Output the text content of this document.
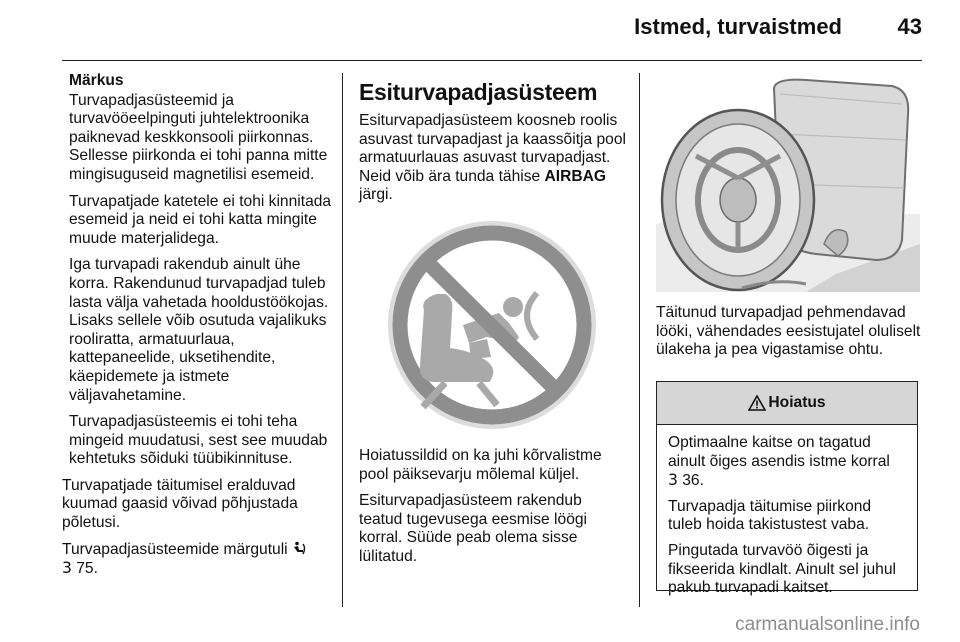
Istmed, turvaistmed	43

Märkus

Turvapadjasüsteemid ja turvavööeelpinguti juhtelektroonika paiknevad keskkonsooli piirkonnas. Sellesse piirkonda ei tohi panna mitte mingisuguseid magnetilisi esemeid.

Turvapatjade katetele ei tohi kinnitada esemeid ja neid ei tohi katta mingite muude materjalidega.

Iga turvapadi rakendub ainult ühe korra. Rakendunud turvapadjad tuleb lasta välja vahetada hooldustöökojas. Lisaks sellele võib osutuda vajalikuks rooliratta, armatuurlaua, kattepaneelide, uksetihendite, käepidemete ja istmete väljavahetamine.

Turvapadjasüsteemis ei tohi teha mingeid muudatusi, sest see muudab kehtetuks sõiduki tüübikinnituse.

Turvapatjade täitumisel eralduvad kuumad gaasid võivad põhjustada põletusi.

Turvapadjasüsteemide märgutuli
3 75.

Esiturvapadjasüsteem

Esiturvapadjasüsteem koosneb roolis asuvast turvapadjast ja kaassõitja pool armatuurlauas asuvast turvapadjast. Neid võib ära tunda tähise AIRBAG järgi.

Hoiatussildid on ka juhi kõrvalistme pool päiksevarju mõlemal küljel.

Esiturvapadjasüsteem rakendub teatud tugevusega eesmise löögi korral. Süüde peab olema sisse lülitatud.

Täitunud turvapadjad pehmendavad lööki, vähendades eesistujatel oluliselt ülakeha ja pea vigastamise ohtu.

Hoiatus

Optimaalne kaitse on tagatud ainult õiges asendis istme korral
3 36.

Turvapadja täitumise piirkond tuleb hoida takistustest vaba.

Pingutada turvavöö õigesti ja fikseerida kindlalt. Ainult sel juhul pakub turvapadi kaitset.

carmanualsonline.info
